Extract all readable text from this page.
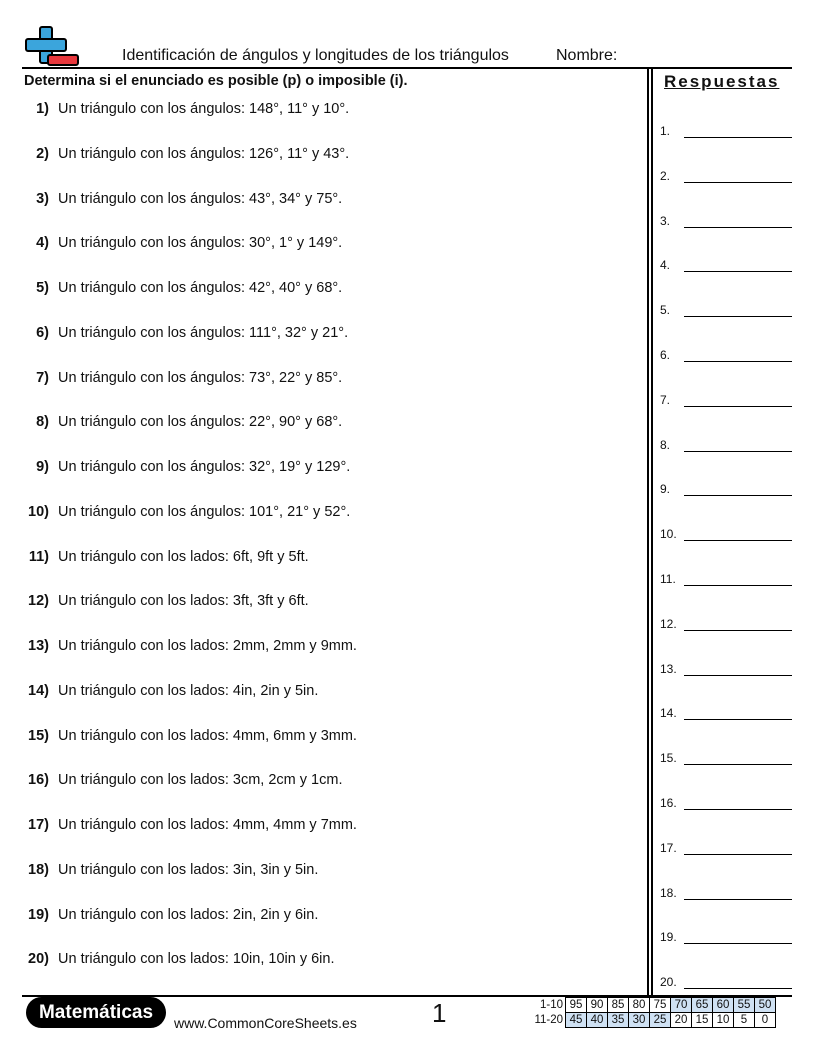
Identificación de ángulos y longitudes de los triángulos	Nombre:
Determina si el enunciado es posible (p) o imposible (i).
1) Un triángulo con los ángulos: 148°, 11° y 10°.
2) Un triángulo con los ángulos: 126°, 11° y 43°.
3) Un triángulo con los ángulos: 43°, 34° y 75°.
4) Un triángulo con los ángulos: 30°, 1° y 149°.
5) Un triángulo con los ángulos: 42°, 40° y 68°.
6) Un triángulo con los ángulos: 111°, 32° y 21°.
7) Un triángulo con los ángulos: 73°, 22° y 85°.
8) Un triángulo con los ángulos: 22°, 90° y 68°.
9) Un triángulo con los ángulos: 32°, 19° y 129°.
10) Un triángulo con los ángulos: 101°, 21° y 52°.
11) Un triángulo con los lados: 6ft, 9ft y 5ft.
12) Un triángulo con los lados: 3ft, 3ft y 6ft.
13) Un triángulo con los lados: 2mm, 2mm y 9mm.
14) Un triángulo con los lados: 4in, 2in y 5in.
15) Un triángulo con los lados: 4mm, 6mm y 3mm.
16) Un triángulo con los lados: 3cm, 2cm y 1cm.
17) Un triángulo con los lados: 4mm, 4mm y 7mm.
18) Un triángulo con los lados: 3in, 3in y 5in.
19) Un triángulo con los lados: 2in, 2in y 6in.
20) Un triángulo con los lados: 10in, 10in y 6in.
Respuestas
1.
2.
3.
4.
5.
6.
7.
8.
9.
10.
11.
12.
13.
14.
15.
16.
17.
18.
19.
20.
Matemáticas
www.CommonCoreSheets.es	1	1-10	95	90	85	80	75	70	65	60	55	50
11-20	45	40	35	30	25	20	15	10	5	0
